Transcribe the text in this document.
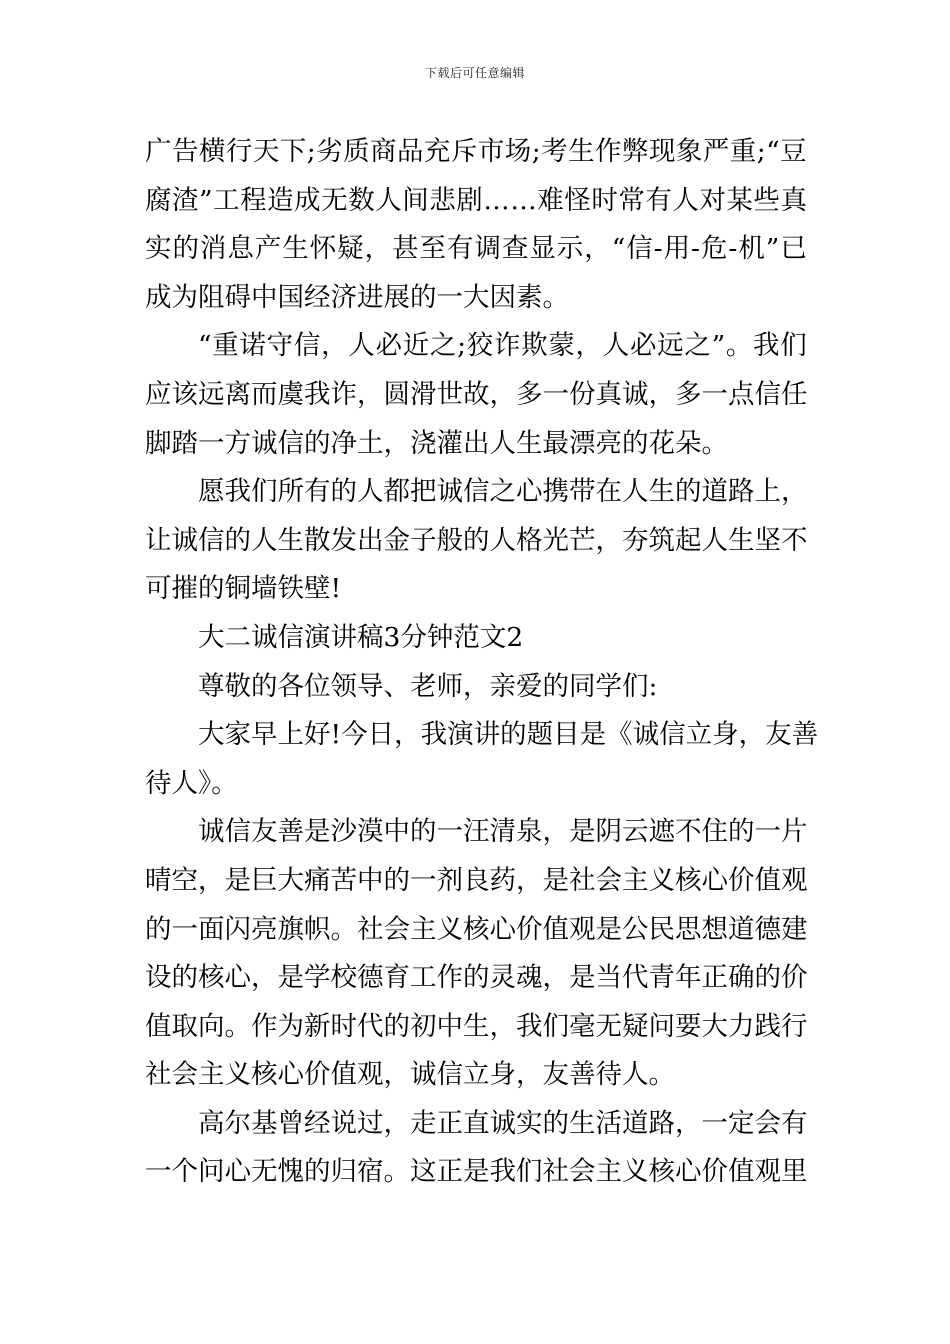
下载后可任意编辑
广 告 横 行 天 下 ; 劣 质 商 品 充 斥 市 场 ; 考 生 作 弊 现 象 严 重 ; “ 豆
腐 渣 ” 工 程 造 成 无 数 人 间 悲 剧 … … 难 怪 时 常 有 人 对 某 些 真
实 的 消 息 产 生 怀 疑 ， 甚 至 有 调 查 显 示 ， “ 信 - 用 - 危 - 机 ” 已
成为阻碍中国经济进展的一大因素。
“ 重 诺 守 信 ， 人 必 近 之 ; 狡 诈 欺 蒙 ， 人 必 远 之 ” 。 我 们
应 该 远 离 而 虞 我 诈 ， 圆 滑 世 故 ， 多 一 份 真 诚 ， 多 一 点 信 任
脚踏一方诚信的净土，浇灌出人生最漂亮的花朵。
愿 我 们 所 有 的 人 都 把 诚 信 之 心 携 带 在 人 生 的 道 路 上 ，
让 诚 信 的 人 生 散 发 出 金 子 般 的 人 格 光 芒 ， 夯 筑 起 人 生 坚 不
可摧的铜墙铁壁!
大二诚信演讲稿3分钟范文2
尊敬的各位领导、老师，亲爱的同学们:
大 家 早 上 好 ! 今 日 ， 我 演 讲 的 题 目 是 《 诚 信 立 身 ， 友 善
待人》。
诚 信 友 善 是 沙 漠 中 的 一 汪 清 泉 ， 是 阴 云 遮 不 住 的 一 片
晴 空 ， 是 巨 大 痛 苦 中 的 一 剂 良 药 ， 是 社 会 主 义 核 心 价 值 观
的 一 面 闪 亮 旗 帜 。 社 会 主 义 核 心 价 值 观 是 公 民 思 想 道 德 建
设 的 核 心 ， 是 学 校 德 育 工 作 的 灵 魂 ， 是 当 代 青 年 正 确 的 价
值 取 向 。 作 为 新 时 代 的 初 中 生 ， 我 们 毫 无 疑 问 要 大 力 践 行
社会主义核心价值观，诚信立身，友善待人。
高 尔 基 曾 经 说 过 ， 走 正 直 诚 实 的 生 活 道 路 ， 一 定 会 有
一 个 问 心 无 愧 的 归 宿 。 这 正 是 我 们 社 会 主 义 核 心 价 值 观 里
